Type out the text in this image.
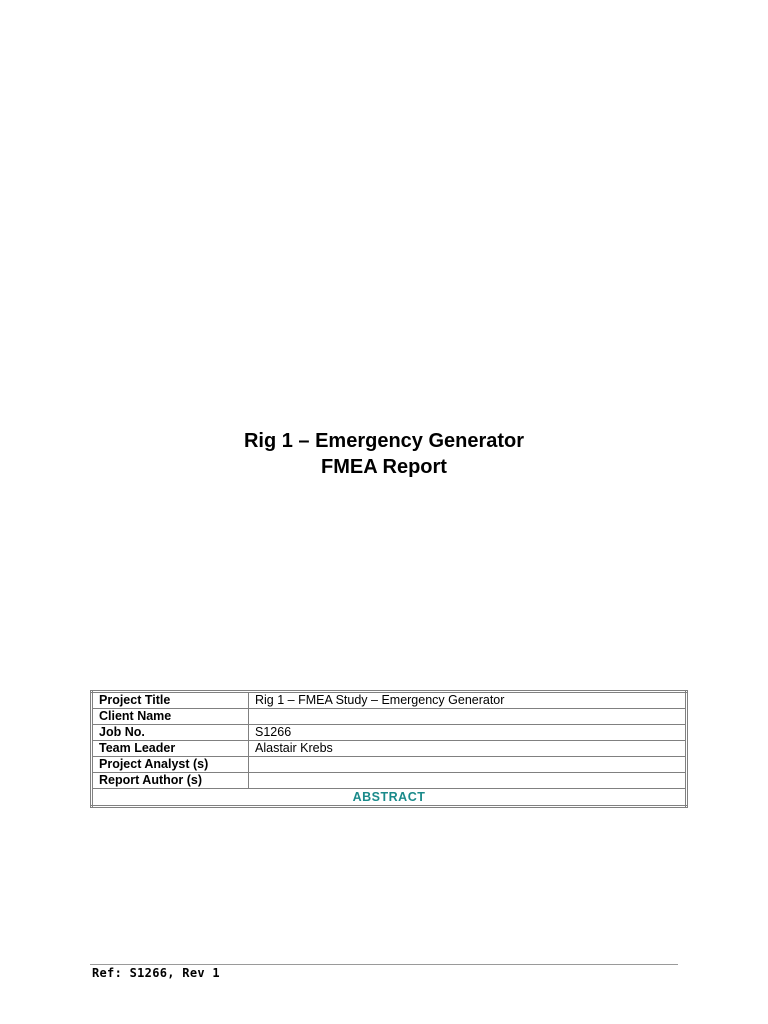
Rig 1 – Emergency Generator

FMEA Report

Project Title	Rig 1 – FMEA Study – Emergency Generator
Client Name	
Job No.	S1266
Team Leader	Alastair Krebs
Project Analyst (s)	
Report Author (s)	
ABSTRACT	
Ref: S1266, Rev 1
